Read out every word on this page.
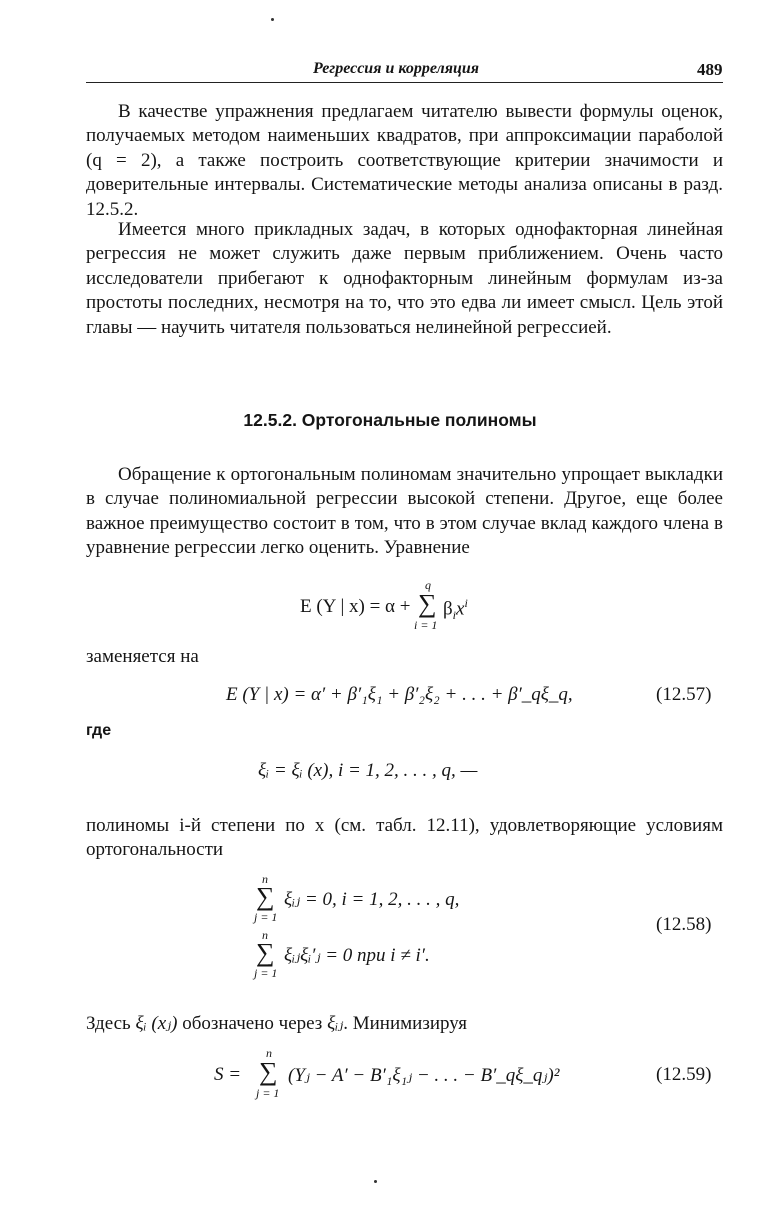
Регрессия и корреляция	489

В качестве упражнения предлагаем читателю вывести формулы оценок, получаемых методом наименьших квадратов, при аппроксимации параболой (q = 2), а также построить соответствующие критерии значимости и доверительные интервалы. Систематические методы анализа описаны в разд. 12.5.2.

Имеется много прикладных задач, в которых однофакторная линейная регрессия не может служить даже первым приближением. Очень часто исследователи прибегают к однофакторным линейным формулам из-за простоты последних, несмотря на то, что это едва ли имеет смысл. Цель этой главы — научить читателя пользоваться нелинейной регрессией.

12.5.2. Ортогональные полиномы

Обращение к ортогональным полиномам значительно упрощает выкладки в случае полиномиальной регрессии высокой степени. Другое, еще более важное преимущество состоит в том, что в этом случае вклад каждого члена в уравнение регрессии легко оценить. Уравнение

E (Y | x) = α +
q
∑
i = 1
$\beta_ix^i$
заменяется на
E (Y | x) = α′ + β′₁ξ₁ + β′₂ξ₂ + . . . + β′_qξ_q,	(12.57)
где
ξᵢ = ξᵢ (x), i = 1, 2, . . . , q, —

полиномы i-й степени по x (см. табл. 12.11), удовлетворяющие условиям ортогональности

n
∑
j = 1
ξᵢⱼ = 0, i = 1, 2, . . . , q,
n
∑
j = 1
ξᵢⱼξᵢ′ⱼ = 0 при i ≠ i′.
(12.58)

Здесь ξᵢ (xⱼ) обозначено через ξᵢⱼ. Минимизируя

S =
n
∑
j = 1
(Yⱼ − A′ − B′₁ξ₁ⱼ − . . . − B′_qξ_qⱼ)²	(12.59)
